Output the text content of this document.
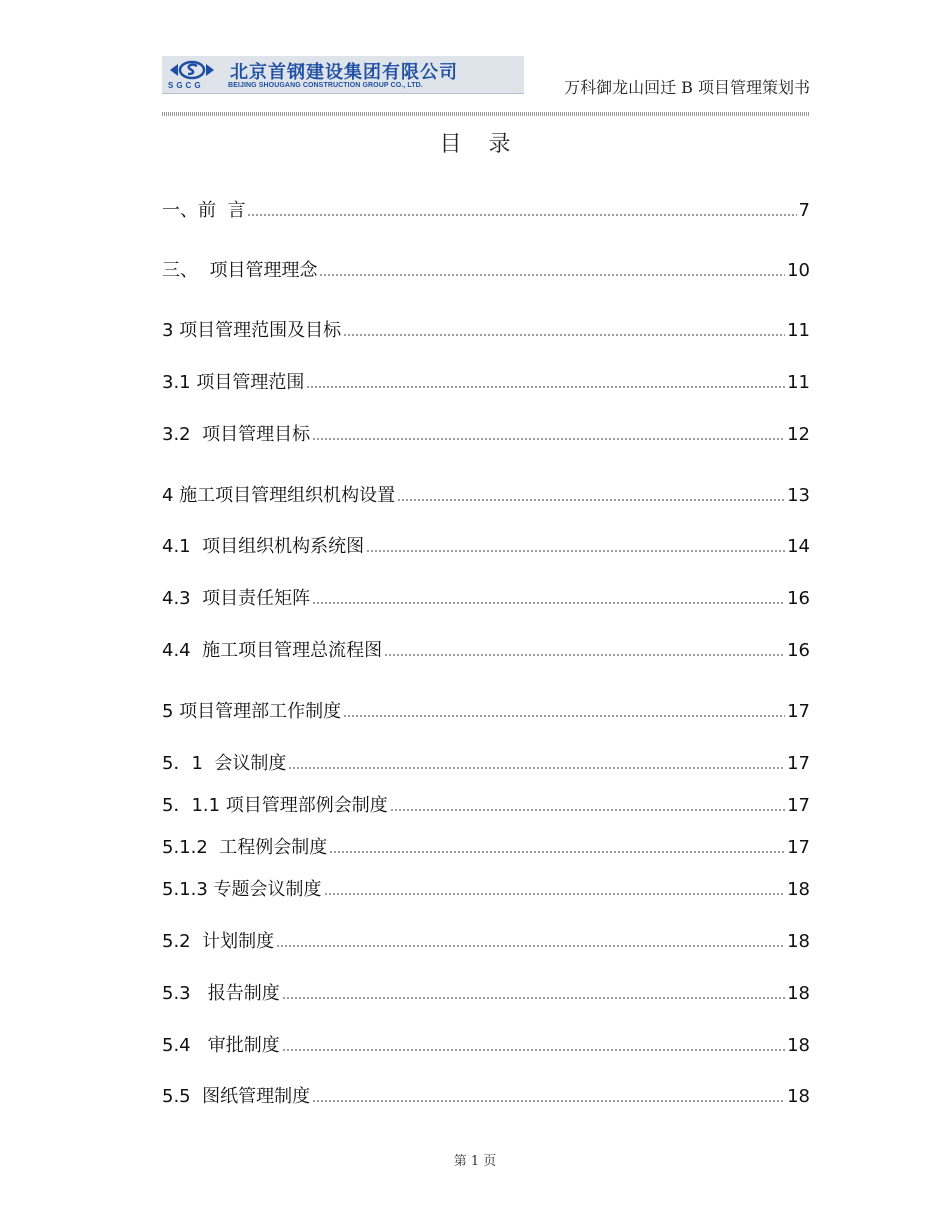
北京首钢建设集团有限公司
SGCG	BEIJING SHOUGANG CONSTRUCTION GROUP CO., LTD.	万科御龙山回迁 B 项目管理策划书
目 录
一、前  言	7
三、  项目管理理念	10
3 项目管理范围及目标	11
3.1 项目管理范围	11
3.2  项目管理目标	12
4 施工项目管理组织机构设置	13
4.1  项目组织机构系统图	14
4.3  项目责任矩阵	16
4.4  施工项目管理总流程图	16
5 项目管理部工作制度	17
5．1  会议制度	17
5．1.1 项目管理部例会制度	17
5.1.2  工程例会制度	17
5.1.3 专题会议制度	18
5.2  计划制度	18
5.3   报告制度	18
5.4   审批制度	18
5.5  图纸管理制度	18
第 1 页
